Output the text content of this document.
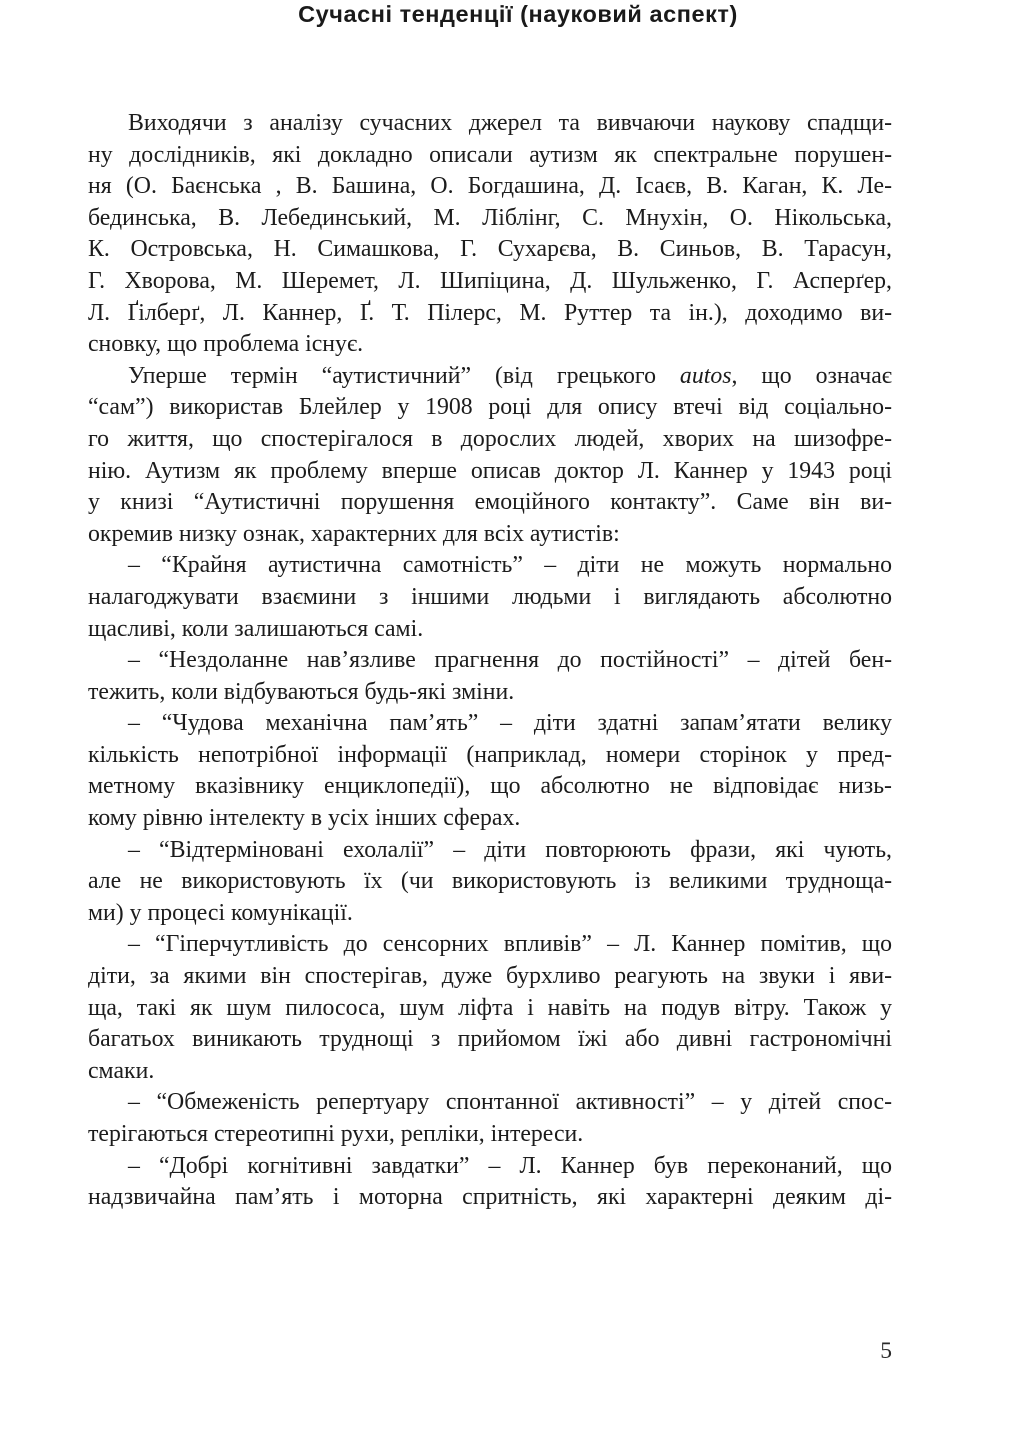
Сучасні тенденції (науковий аспект)
Виходячи з аналізу сучасних джерел та вивчаючи наукову спадщи-
ну дослідників, які докладно описали аутизм як спектральне порушен-
ня (О. Баєнська , В. Башина, О. Богдашина, Д. Ісаєв, В. Каган, К. Ле-
бединська, В. Лебединський, М. Ліблінг, С. Мнухін, О. Нікольська,
К. Островська, Н. Симашкова, Г. Сухарєва, В. Синьов, В. Тарасун,
Г. Хворова, М. Шеремет, Л. Шипіцина, Д. Шульженко, Г. Асперґер,
Л. Ґілберґ, Л. Каннер, Ґ. Т. Пілерс, М. Руттер та ін.), доходимо ви-
сновку, що проблема існує.
Уперше термін “аутистичний” (від грецького autos, що означає
“сам”) використав Блейлер у 1908 році для опису втечі від соціально-
го життя, що спостерігалося в дорослих людей, хворих на шизофре-
нію. Аутизм як проблему вперше описав доктор Л. Каннер у 1943 році
у книзі “Аутистичні порушення емоційного контакту”. Саме він ви-
окремив низку ознак, характерних для всіх аутистів:
– “Крайня аутистична самотність” – діти не можуть нормально
налагоджувати взаємини з іншими людьми і виглядають абсолютно
щасливі, коли залишаються самі.
– “Нездоланне нав’язливе прагнення до постійності” – дітей бен-
тежить, коли відбуваються будь-які зміни.
– “Чудова механічна пам’ять” – діти здатні запам’ятати велику
кількість непотрібної інформації (наприклад, номери сторінок у пред-
метному вказівнику енциклопедії), що абсолютно не відповідає низь-
кому рівню інтелекту в усіх інших сферах.
– “Відтерміновані ехолалії” – діти повторюють фрази, які чують,
але не використовують їх (чи використовують із великими трудноща-
ми) у процесі комунікації.
– “Гіперчутливість до сенсорних впливів” – Л. Каннер помітив, що
діти, за якими він спостерігав, дуже бурхливо реагують на звуки і яви-
ща, такі як шум пилососа, шум ліфта і навіть на подув вітру. Також у
багатьох виникають труднощі з прийомом їжі або дивні гастрономічні
смаки.
– “Обмеженість репертуару спонтанної активності” – у дітей спос-
терігаються стереотипні рухи, репліки, інтереси.
– “Добрі когнітивні завдатки” – Л. Каннер був переконаний, що
надзвичайна пам’ять і моторна спритність, які характерні деяким ді-
5
